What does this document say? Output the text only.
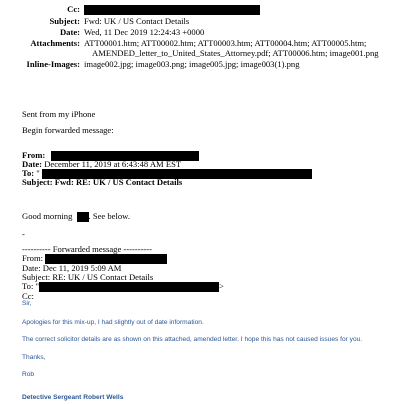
Cc:
Subject: Fwd: UK / US Contact Details
Date: Wed, 11 Dec 2019 12:24:43 +0000
Attachments: ATT00001.htm; ATT00002.htm; ATT00003.htm; ATT00004.htm; ATT00005.htm;
AMENDED_letter_to_United_States_Attorney.pdf; ATT00006.htm; image001.png
Inline-Images: image002.jpg; image003.png; image005.jpg; image003(1).png
Sent from my iPhone
Begin forwarded message:
From:
Date: December 11, 2019 at 6:43:48 AM EST
To: "
Subject: Fwd: RE: UK / US Contact Details
Good morning . See below.
-
---------- Forwarded message ----------
From:
Date: Dec 11, 2019 5:09 AM
Subject: RE: UK / US Contact Details
To: "	>
Cc:
Sir,
Apologies for this mix-up, I had slightly out of date information.
The correct solicitor details are as shown on this attached, amended letter. I hope this has not caused issues for you.
Thanks,
Rob
Detective Sergeant Robert Wells
